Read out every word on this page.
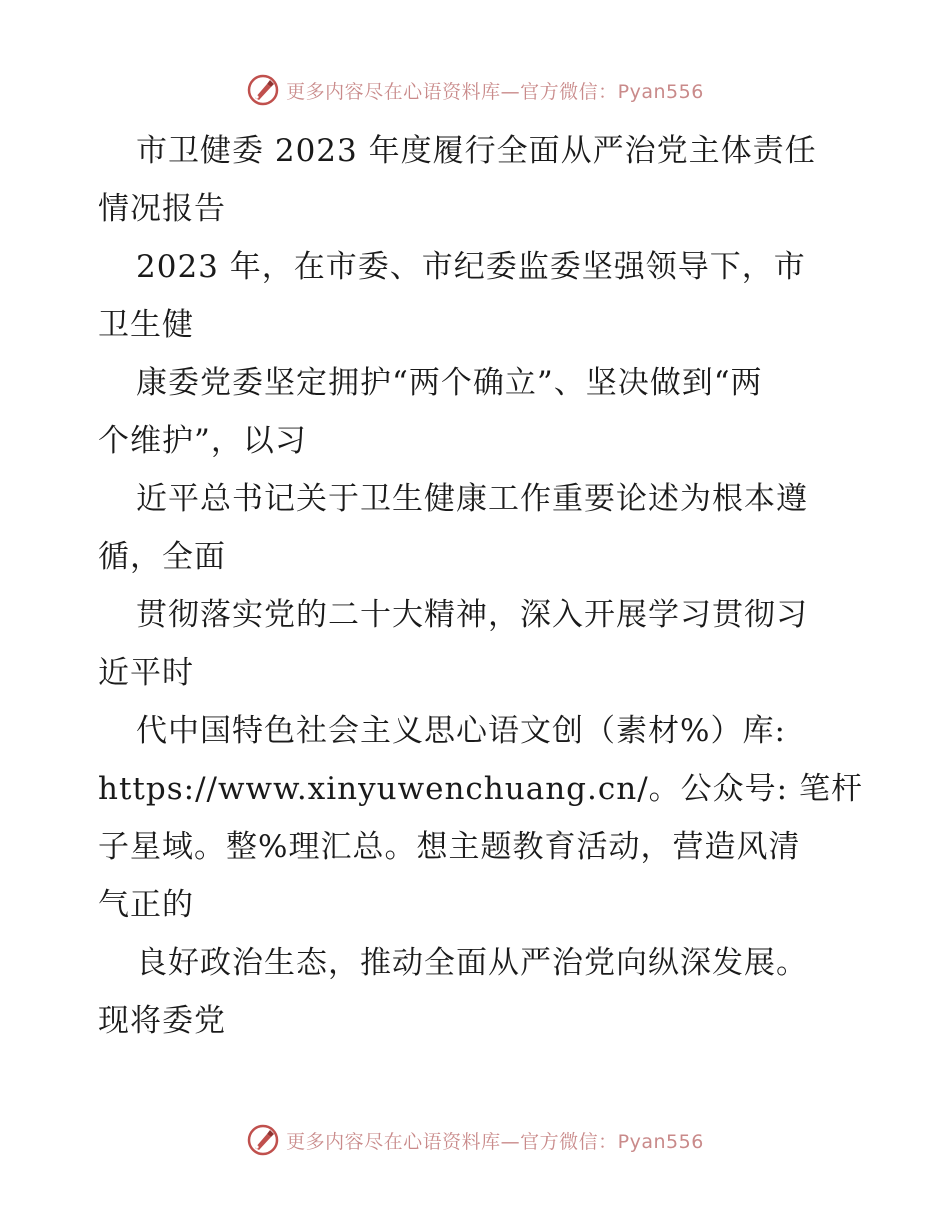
更多内容尽在心语资料库—官方微信：Pyan556
市卫健委 2023 年度履行全面从严治党主体责任
情况报告
2023 年，在市委、市纪委监委坚强领导下，市
卫生健
康委党委坚定拥护“两个确立”、坚决做到“两
个维护”，以习
近平总书记关于卫生健康工作重要论述为根本遵
循，全面
贯彻落实党的二十大精神，深入开展学习贯彻习
近平时
代中国特色社会主义思心语文创（素材%）库:
https://www.xinyuwenchuang.cn/。公众号: 笔杆
子星域。整%理汇总。想主题教育活动，营造风清
气正的
良好政治生态，推动全面从严治党向纵深发展。
现将委党
更多内容尽在心语资料库—官方微信：Pyan556
